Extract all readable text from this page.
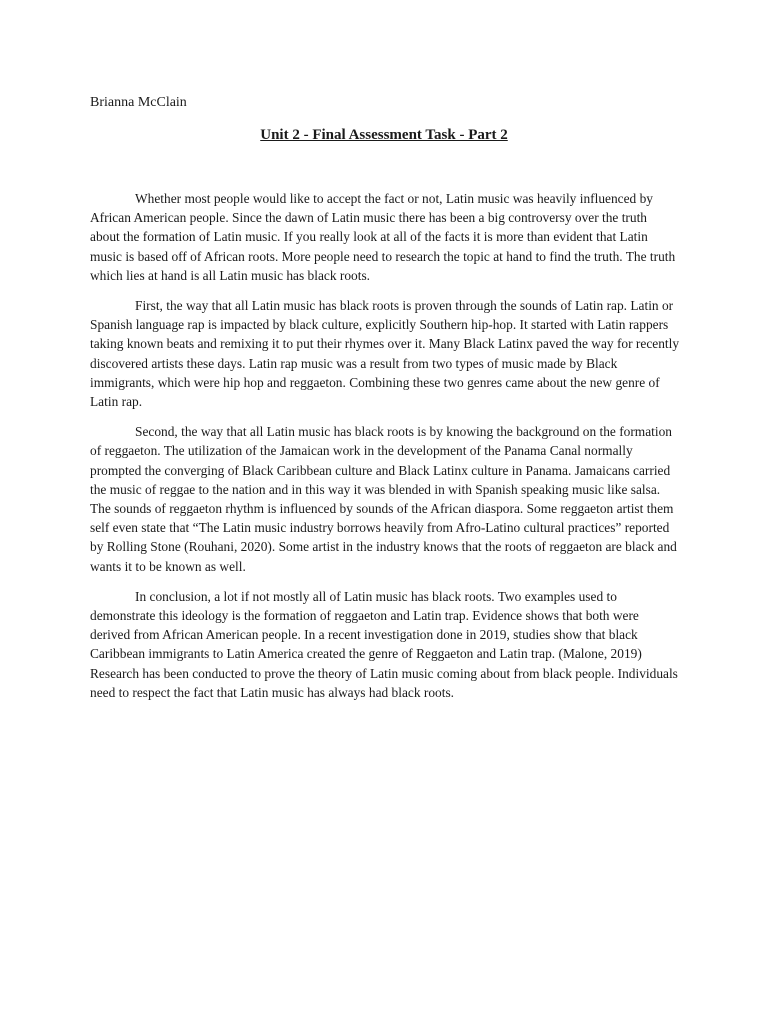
Brianna McClain
Unit 2 - Final Assessment Task - Part 2

Whether most people would like to accept the fact or not, Latin music was heavily influenced by African American people. Since the dawn of Latin music there has been a big controversy over the truth about the formation of Latin music. If you really look at all of the facts it is more than evident that Latin music is based off of African roots. More people need to research the topic at hand to find the truth. The truth which lies at hand is all Latin music has black roots.

First, the way that all Latin music has black roots is proven through the sounds of Latin rap. Latin or Spanish language rap is impacted by black culture, explicitly Southern hip-hop. It started with Latin rappers taking known beats and remixing it to put their rhymes over it. Many Black Latinx paved the way for recently discovered artists these days. Latin rap music was a result from two types of music made by Black immigrants, which were hip hop and reggaeton. Combining these two genres came about the new genre of Latin rap.

Second, the way that all Latin music has black roots is by knowing the background on the formation of reggaeton. The utilization of the Jamaican work in the development of the Panama Canal normally prompted the converging of Black Caribbean culture and Black Latinx culture in Panama. Jamaicans carried the music of reggae to the nation and in this way it was blended in with Spanish speaking music like salsa. The sounds of reggaeton rhythm is influenced by sounds of the African diaspora. Some reggaeton artist them self even state that “The Latin music industry borrows heavily from Afro-Latino cultural practices” reported by Rolling Stone (Rouhani, 2020). Some artist in the industry knows that the roots of reggaeton are black and wants it to be known as well.

In conclusion, a lot if not mostly all of Latin music has black roots. Two examples used to demonstrate this ideology is the formation of reggaeton and Latin trap. Evidence shows that both were derived from African American people. In a recent investigation done in 2019, studies show that black Caribbean immigrants to Latin America created the genre of Reggaeton and Latin trap. (Malone, 2019) Research has been conducted to prove the theory of Latin music coming about from black people. Individuals need to respect the fact that Latin music has always had black roots.
